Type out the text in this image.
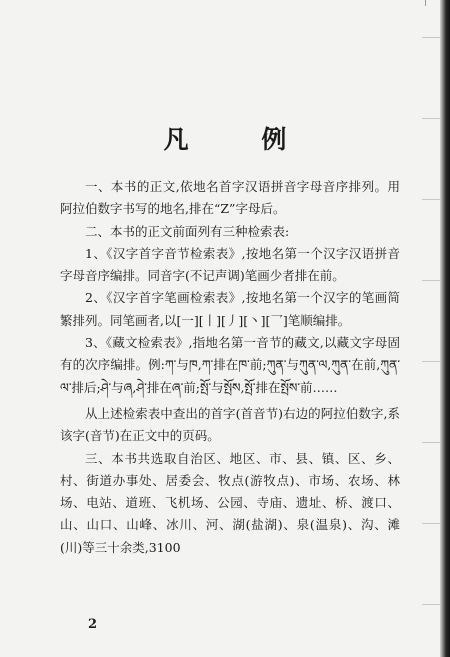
凡 例

一、本书的正文,依地名首字汉语拼音字母音序排列。用阿拉伯数字书写的地名,排在“Z”字母后。

二、本书的正文前面列有三种检索表:

1、《汉字首字音节检索表》,按地名第一个汉字汉语拼音字母音序编排。同音字(不记声调)笔画少者排在前。

2、《汉字首字笔画检索表》,按地名第一个汉字的笔画简繁排列。同笔画者,以[一][丨][丿][丶][乛]笔顺编排。

3、《藏文检索表》,指地名第一音节的藏文,以藏文字母固有的次序编排。例:ཀ་与ཁ,ཀ་排在ཁ་前;ཀུན་与ཀུན་ལ,ཀུན་在前,ཀུན་ལ་排后;ཤེ་与ཞ,ཤེ་排在ཞ་前;སྤོ་与སྤོས,སྤོ་排在སྤོས་前……

从上述检索表中查出的首字(首音节)右边的阿拉伯数字,系该字(音节)在正文中的页码。

三、本书共选取自治区、地区、市、县、镇、区、乡、村、街道办事处、居委会、牧点(游牧点)、市场、农场、林场、电站、道班、飞机场、公园、寺庙、遗址、桥、渡口、山、山口、山峰、冰川、河、湖(盐湖)、泉(温泉)、沟、滩(川)等三十余类,3100

2
